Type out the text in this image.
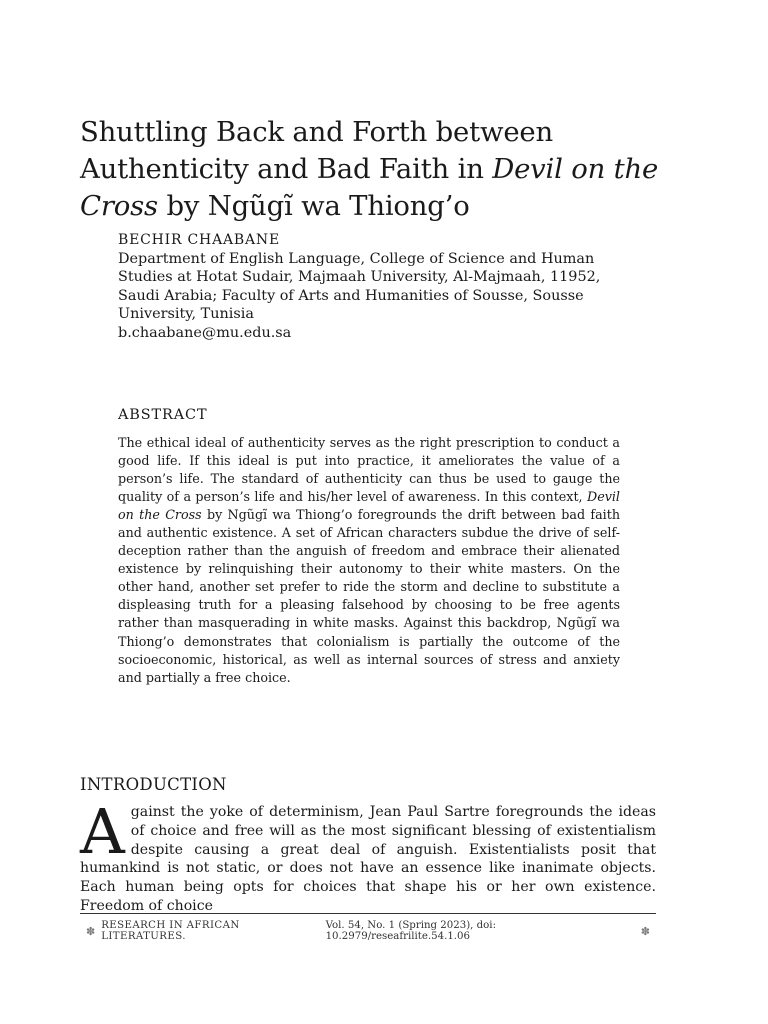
Shuttling Back and Forth between Authenticity and Bad Faith in Devil on the Cross by Ngũgĩ wa Thiong’o
BECHIR CHAABANE
Department of English Language, College of Science and Human Studies at Hotat Sudair, Majmaah University, Al-Majmaah, 11952, Saudi Arabia; Faculty of Arts and Humanities of Sousse, Sousse University, Tunisia
b.chaabane@mu.edu.sa
ABSTRACT

The ethical ideal of authenticity serves as the right prescription to conduct a good life. If this ideal is put into practice, it ameliorates the value of a person’s life. The standard of authenticity can thus be used to gauge the quality of a person’s life and his/her level of awareness. In this context, Devil on the Cross by Ngũgĩ wa Thiong’o foregrounds the drift between bad faith and authentic existence. A set of African characters subdue the drive of self-deception rather than the anguish of freedom and embrace their alienated existence by relinquishing their autonomy to their white masters. On the other hand, another set prefer to ride the storm and decline to substitute a displeasing truth for a pleasing falsehood by choosing to be free agents rather than masquerading in white masks. Against this backdrop, Ngũgĩ wa Thiong’o demonstrates that colonialism is partially the outcome of the socioeconomic, historical, as well as internal sources of stress and anxiety and partially a free choice.

INTRODUCTION

Against the yoke of determinism, Jean Paul Sartre foregrounds the ideas of choice and free will as the most significant blessing of existentialism despite causing a great deal of anguish. Existentialists posit that humankind is not static, or does not have an essence like inanimate objects. Each human being opts for choices that shape his or her own existence. Freedom of choice

✽ RESEARCH IN AFRICAN LITERATURES.
Vol. 54, No. 1 (Spring 2023), doi: 10.2979/reseafrilite.54.1.06	✽
